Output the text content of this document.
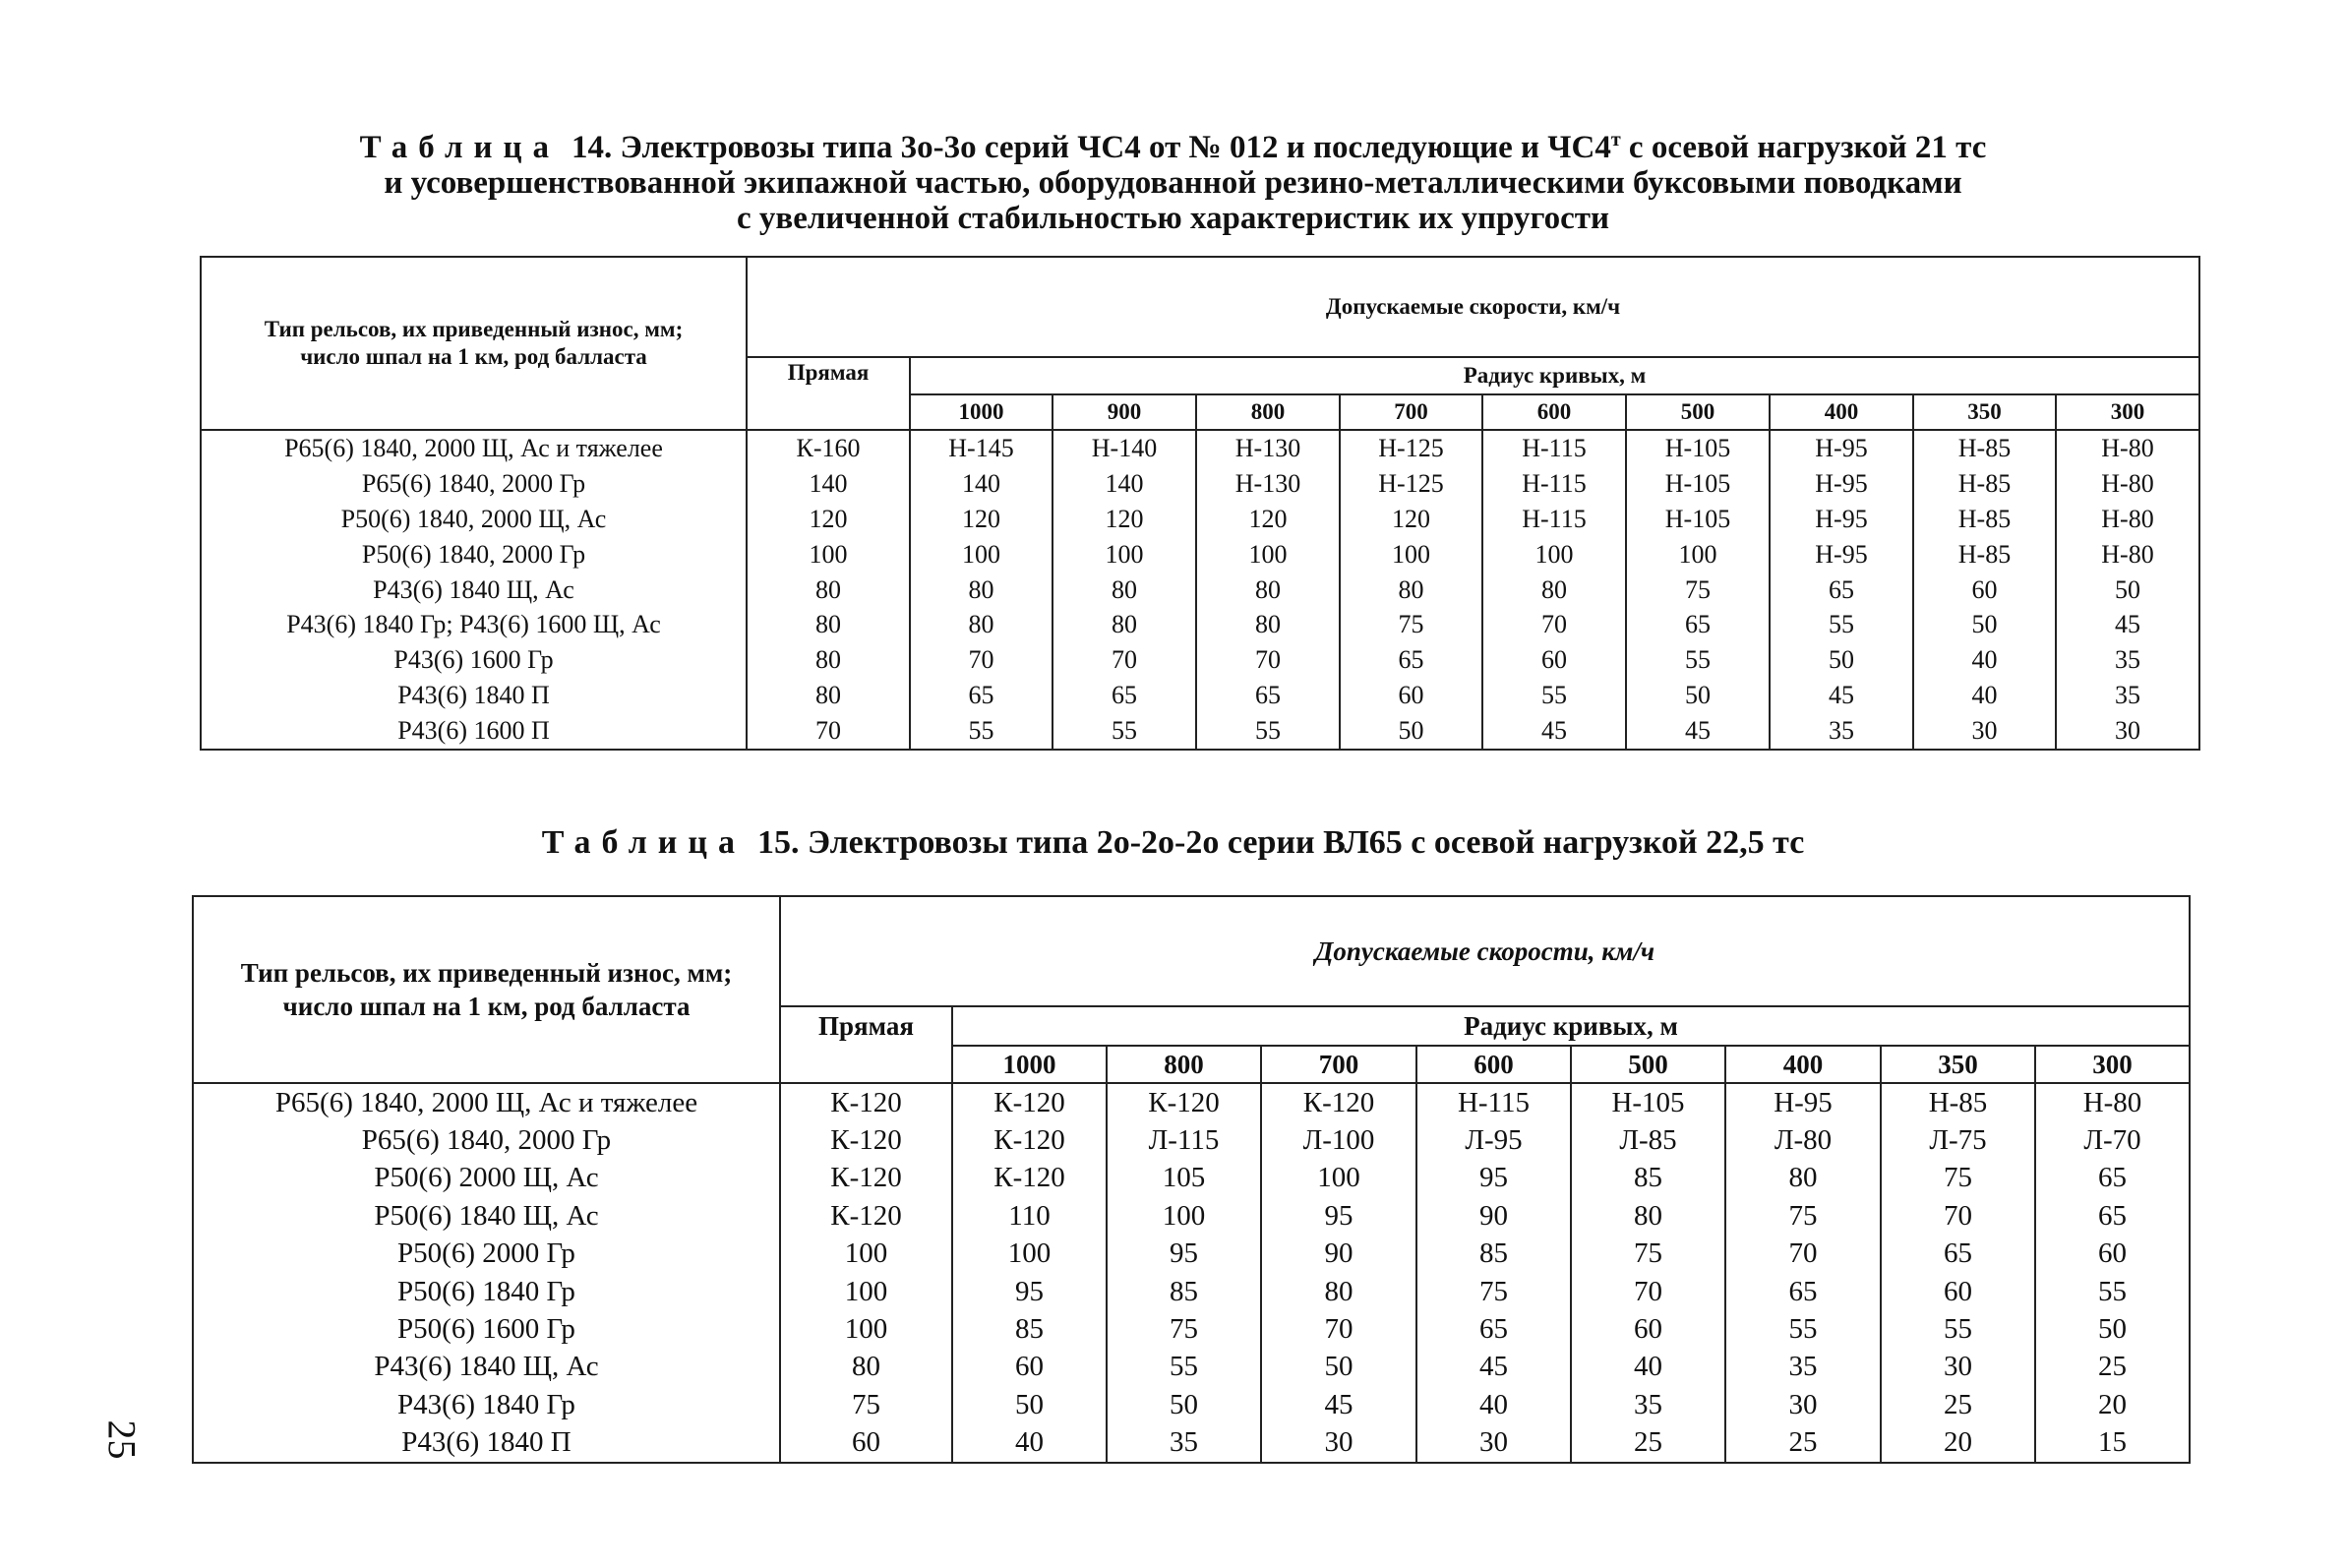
Таблица 14. Электровозы типа 3о-3о серий ЧС4 от № 012 и последующие и $ЧС4^т$ с осевой нагрузкой 21 тс
и усовершенствованной экипажной частью, оборудованной резино-металлическими буксовыми поводками
с увеличенной стабильностью характеристик их упругости
Тип рельсов, их приведенный износ, мм; число шпал на 1 км, род балласта	Допускаемые скорости, км/ч									
	Прямая	Радиус кривых, м								
		1000	900	800	700	600	500	400	350	300
Р65(6) 1840, 2000 Щ, Ас и тяжелее	К-160	Н-145	Н-140	Н-130	Н-125	Н-115	Н-105	Н-95	Н-85	Н-80
Р65(6) 1840, 2000 Гр	140	140	140	Н-130	Н-125	Н-115	Н-105	Н-95	Н-85	Н-80
Р50(6) 1840, 2000 Щ, Ас	120	120	120	120	120	Н-115	Н-105	Н-95	Н-85	Н-80
Р50(6) 1840, 2000 Гр	100	100	100	100	100	100	100	Н-95	Н-85	Н-80
Р43(6) 1840 Щ, Ас	80	80	80	80	80	80	75	65	60	50
Р43(6) 1840 Гр; Р43(6) 1600 Щ, Ас	80	80	80	80	75	70	65	55	50	45
Р43(6) 1600 Гр	80	70	70	70	65	60	55	50	40	35
Р43(6) 1840 П	80	65	65	65	60	55	50	45	40	35
Р43(6) 1600 П	70	55	55	55	50	45	45	35	30	30
Таблица 15. Электровозы типа 2о-2о-2о серии ВЛ65 с осевой нагрузкой 22,5 тс
Тип рельсов, их приведенный износ, мм; число шпал на 1 км, род балласта	Допускаемые скорости, км/ч								
	Прямая	Радиус кривых, м							
		1000	800	700	600	500	400	350	300
Р65(6) 1840, 2000 Щ, Ас и тяжелее	К-120	К-120	К-120	К-120	Н-115	Н-105	Н-95	Н-85	Н-80
Р65(6) 1840, 2000 Гр	К-120	К-120	Л-115	Л-100	Л-95	Л-85	Л-80	Л-75	Л-70
Р50(6) 2000 Щ, Ас	К-120	К-120	105	100	95	85	80	75	65
Р50(6) 1840 Щ, Ас	К-120	110	100	95	90	80	75	70	65
Р50(6) 2000 Гр	100	100	95	90	85	75	70	65	60
Р50(6) 1840 Гр	100	95	85	80	75	70	65	60	55
Р50(6) 1600 Гр	100	85	75	70	65	60	55	55	50
Р43(6) 1840 Щ, Ас	80	60	55	50	45	40	35	30	25
Р43(6) 1840 Гр	75	50	50	45	40	35	30	25	20
Р43(6) 1840 П	60	40	35	30	30	25	25	20	15
25
